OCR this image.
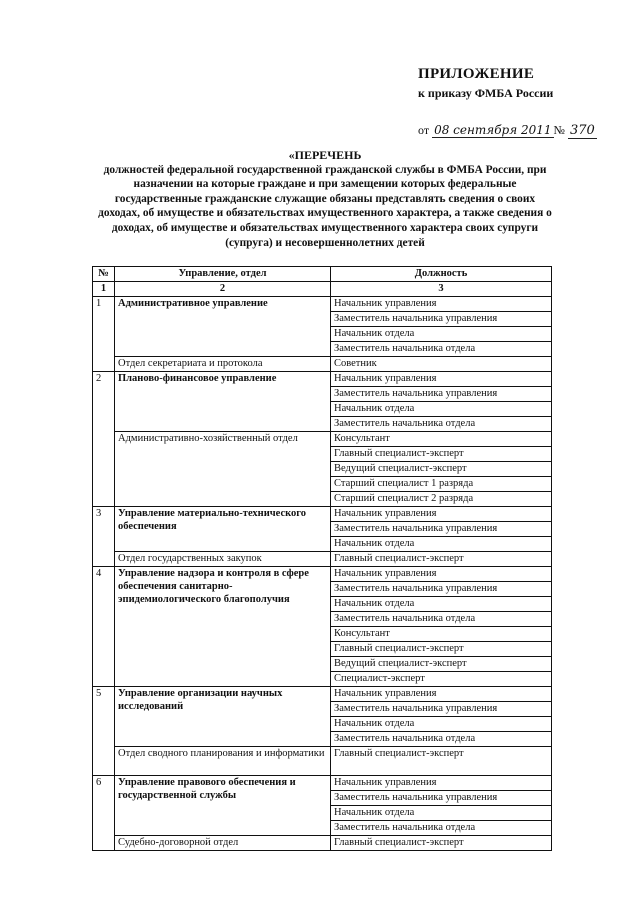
ПРИЛОЖЕНИЕ
к приказу ФМБА России
от 08 сентября 2011 № 370
«ПЕРЕЧЕНЬ
должностей федеральной государственной гражданской службы в ФМБА России, при
назначении на которые граждане и при замещении которых федеральные
государственные гражданские служащие обязаны представлять сведения о своих
доходах, об имуществе и обязательствах имущественного характера, а также сведения о
доходах, об имуществе и обязательствах имущественного характера своих супруги
(супруга) и несовершеннолетних детей
№	Управление, отдел	Должность
1	2	3
1	Административное управление	Начальник управления
		Заместитель начальника управления
		Начальник отдела
		Заместитель начальника отдела
	Отдел секретариата и протокола	Советник
2	Планово-финансовое управление	Начальник управления
		Заместитель начальника управления
		Начальник отдела
		Заместитель начальника отдела
	Административно-хозяйственный отдел	Консультант
		Главный специалист-эксперт
		Ведущий специалист-эксперт
		Старший специалист 1 разряда
		Старший специалист 2 разряда
3	Управление материально-технического обеспечения	Начальник управления
		Заместитель начальника управления
		Начальник отдела
	Отдел государственных закупок	Главный специалист-эксперт
4	Управление надзора и контроля в сфере обеспечения санитарно-эпидемиологического благополучия	Начальник управления
		Заместитель начальника управления
		Начальник отдела
		Заместитель начальника отдела
		Консультант
		Главный специалист-эксперт
		Ведущий специалист-эксперт
		Специалист-эксперт
5	Управление организации научных исследований	Начальник управления
		Заместитель начальника управления
		Начальник отдела
		Заместитель начальника отдела
	Отдел сводного планирования и информатики	Главный специалист-эксперт
6	Управление правового обеспечения и государственной службы	Начальник управления
		Заместитель начальника управления
		Начальник отдела
		Заместитель начальника отдела
	Судебно-договорной отдел	Главный специалист-эксперт
